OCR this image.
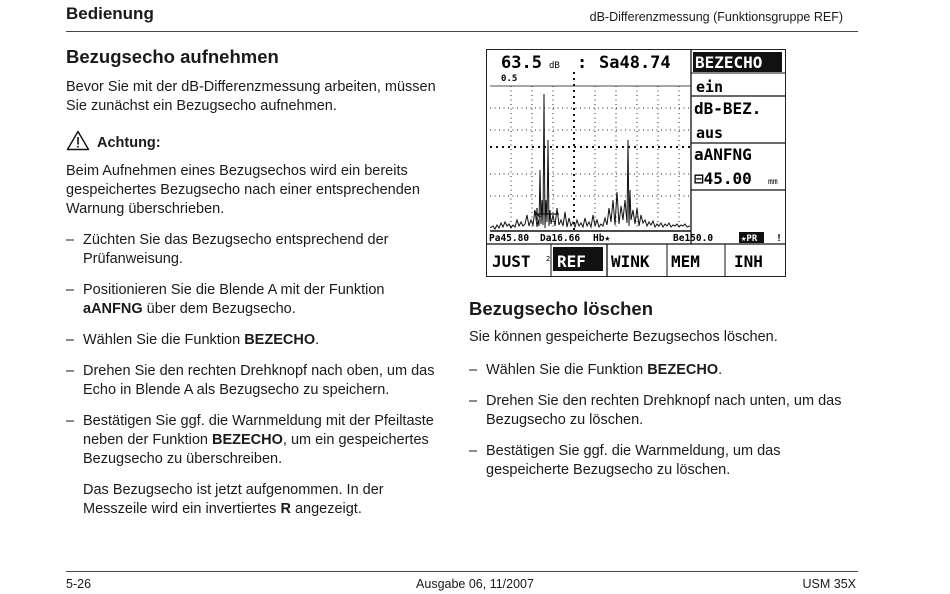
Bedienung	dB-Differenzmessung (Funktionsgruppe REF)
Bezugsecho aufnehmen

Bevor Sie mit der dB-Differenzmessung arbeiten, müssen Sie zunächst ein Bezugsecho aufnehmen.

Achtung:

Beim Aufnehmen eines Bezugsechos wird ein bereits gespeichertes Bezugsecho nach einer entsprechenden Warnung überschrieben.

– Züchten Sie das Bezugsecho entsprechend der Prüfanweisung.
– Positionieren Sie die Blende A mit der Funktion aANFNG über dem Bezugsecho.
– Wählen Sie die Funktion BEZECHO.
– Drehen Sie den rechten Drehknopf nach oben, um das Echo in Blende A als Bezugsecho zu speichern.
– Bestätigen Sie ggf. die Warnmeldung mit der Pfeiltaste neben der Funktion BEZECHO, um ein gespeichertes Bezugsecho zu überschreiben.

Das Bezugsecho ist jetzt aufgenommen. In der Messzeile wird ein invertiertes R angezeigt.

63.5 dB : Sa48.74
0.5
Pa45.80 Da16.66 Hb★	Be150.0	★PR !
BEZECHO
ein
dB-BEZ.
aus
aANFNG
⊟45.00 mm
JUST 2 REF WINK MEM INH
Bezugsecho löschen

Sie können gespeicherte Bezugsechos löschen.

– Wählen Sie die Funktion BEZECHO.
– Drehen Sie den rechten Drehknopf nach unten, um das Bezugsecho zu löschen.
– Bestätigen Sie ggf. die Warnmeldung, um das gespeicherte Bezugsecho zu löschen.
5-26	Ausgabe 06, 11/2007	USM 35X
